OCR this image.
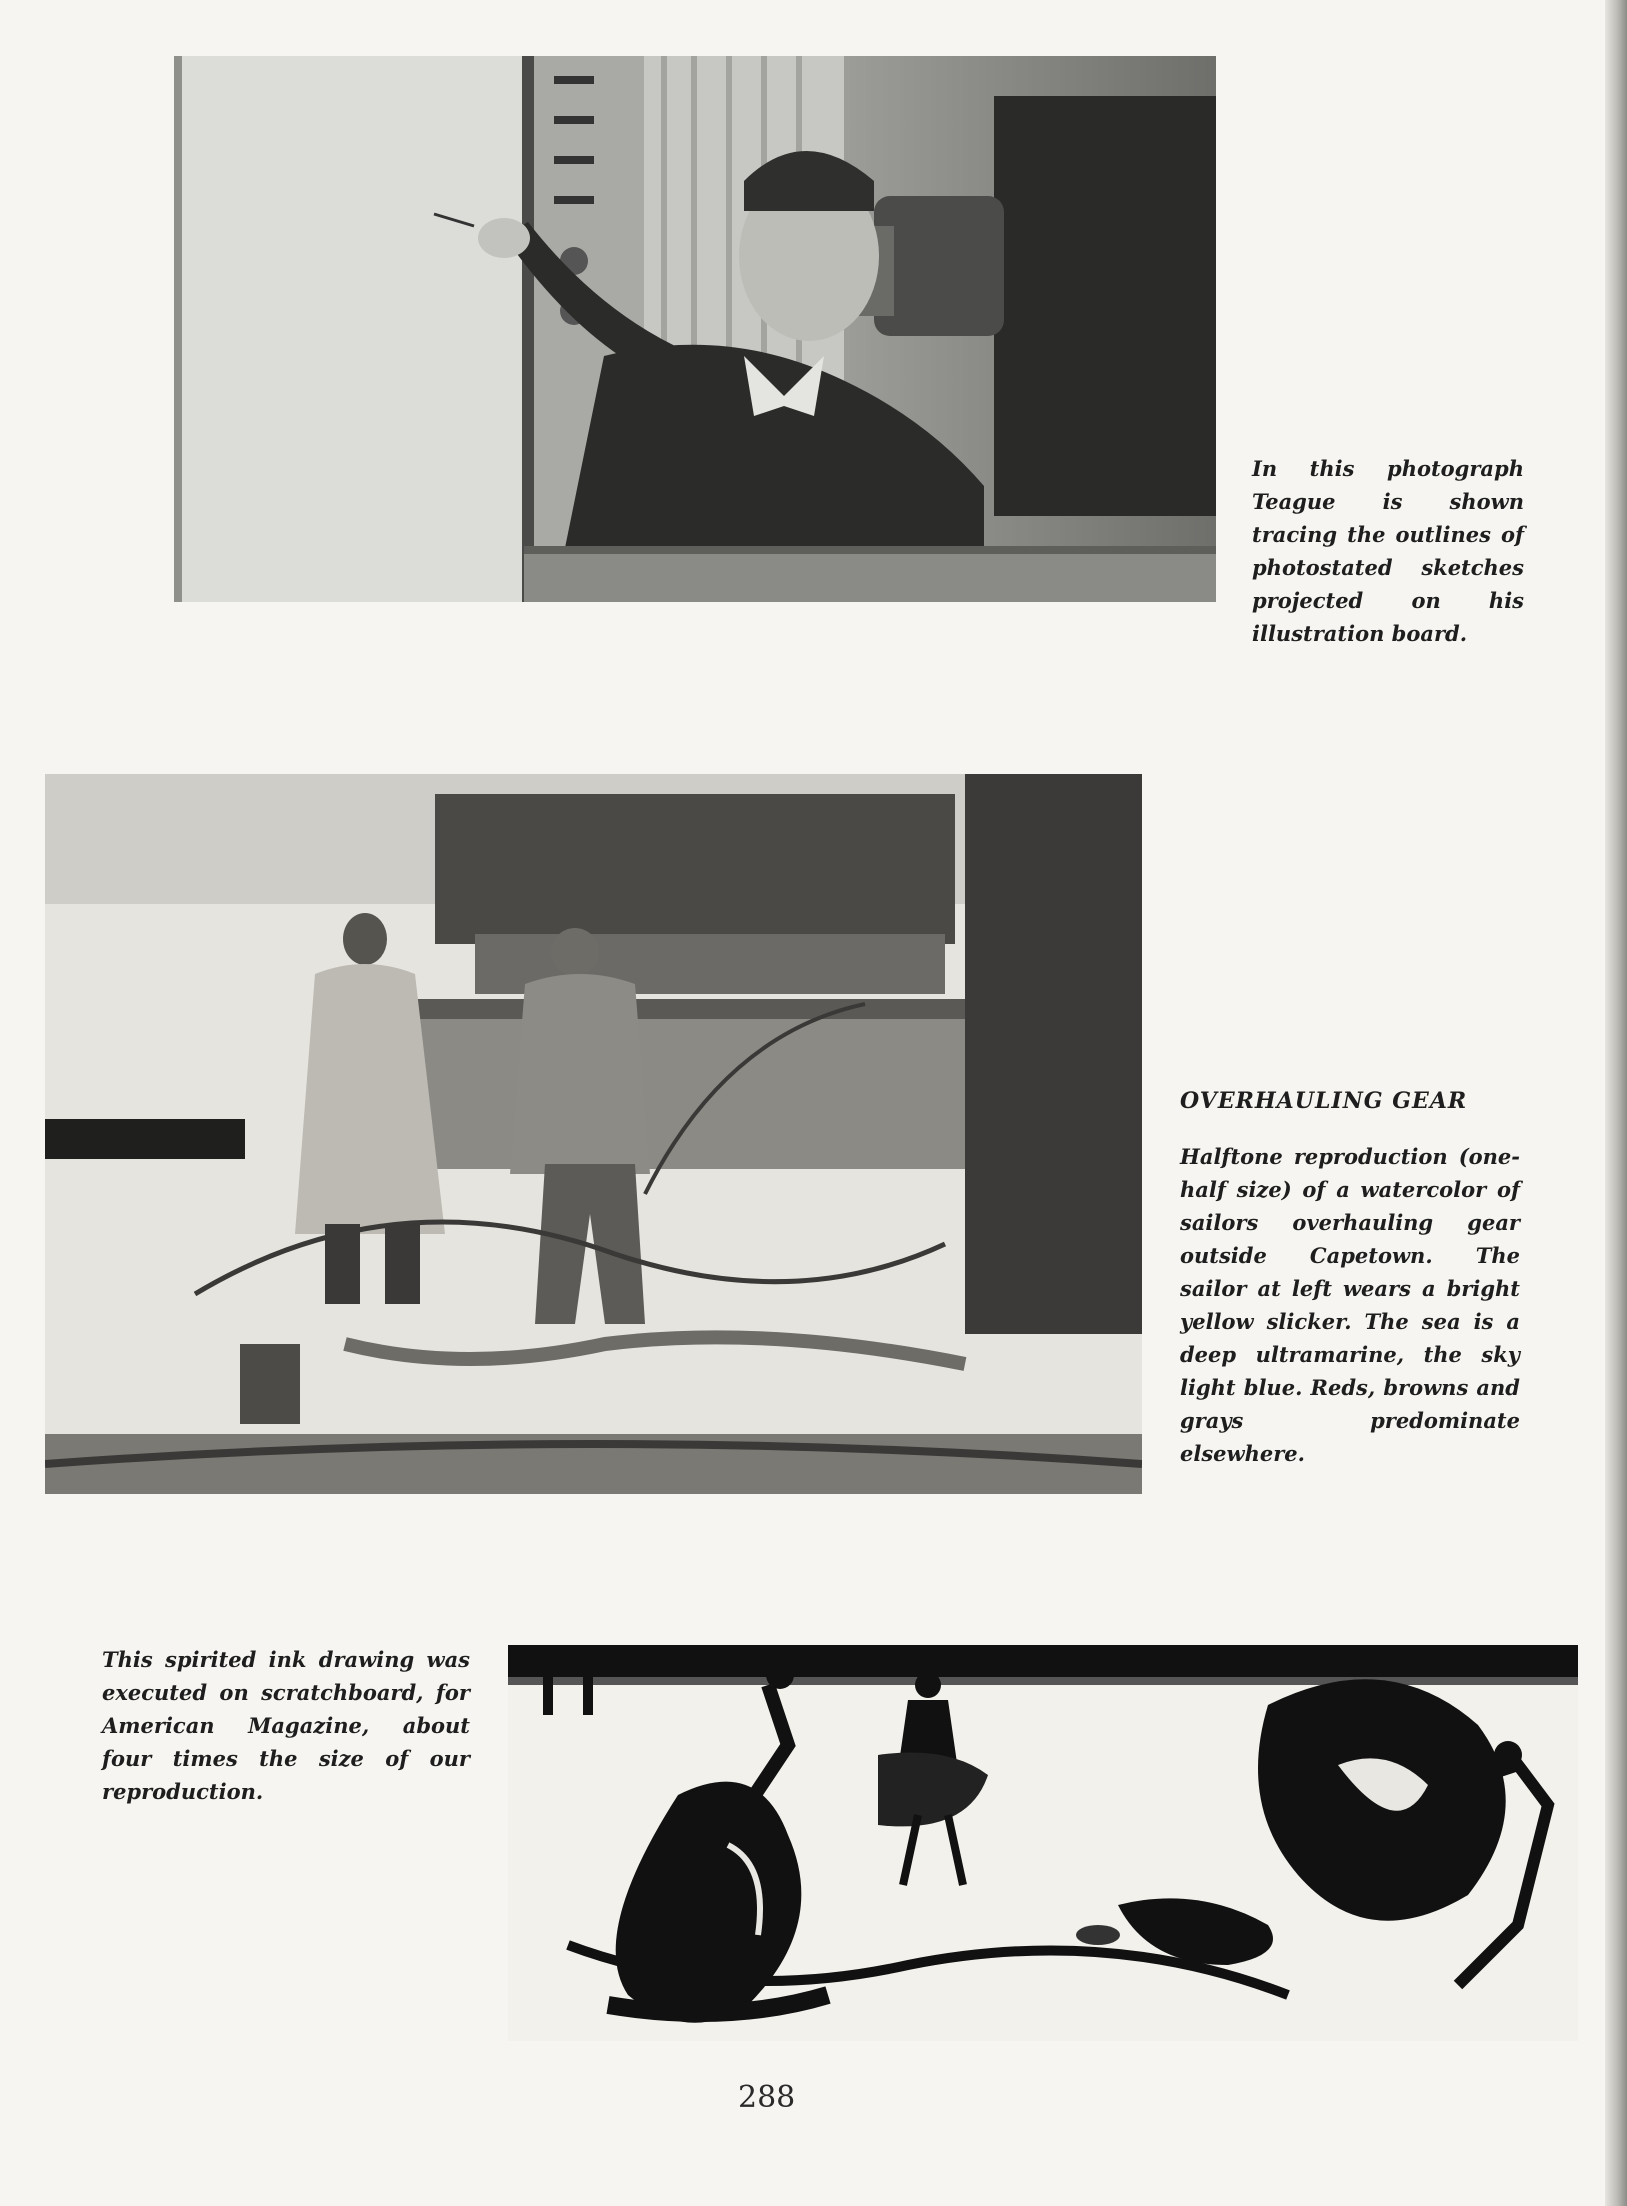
In this photograph Teague is shown tracing the outlines of photostated sketches projected on his illustration board.
OVERHAULING GEAR
Halftone reproduction (one-half size) of a watercolor of sailors overhauling gear outside Capetown. The sailor at left wears a bright yellow slicker. The sea is a deep ultramarine, the sky light blue. Reds, browns and grays predominate elsewhere.
This spirited ink drawing was executed on scratchboard, for American Magazine, about four times the size of our reproduction.
288
